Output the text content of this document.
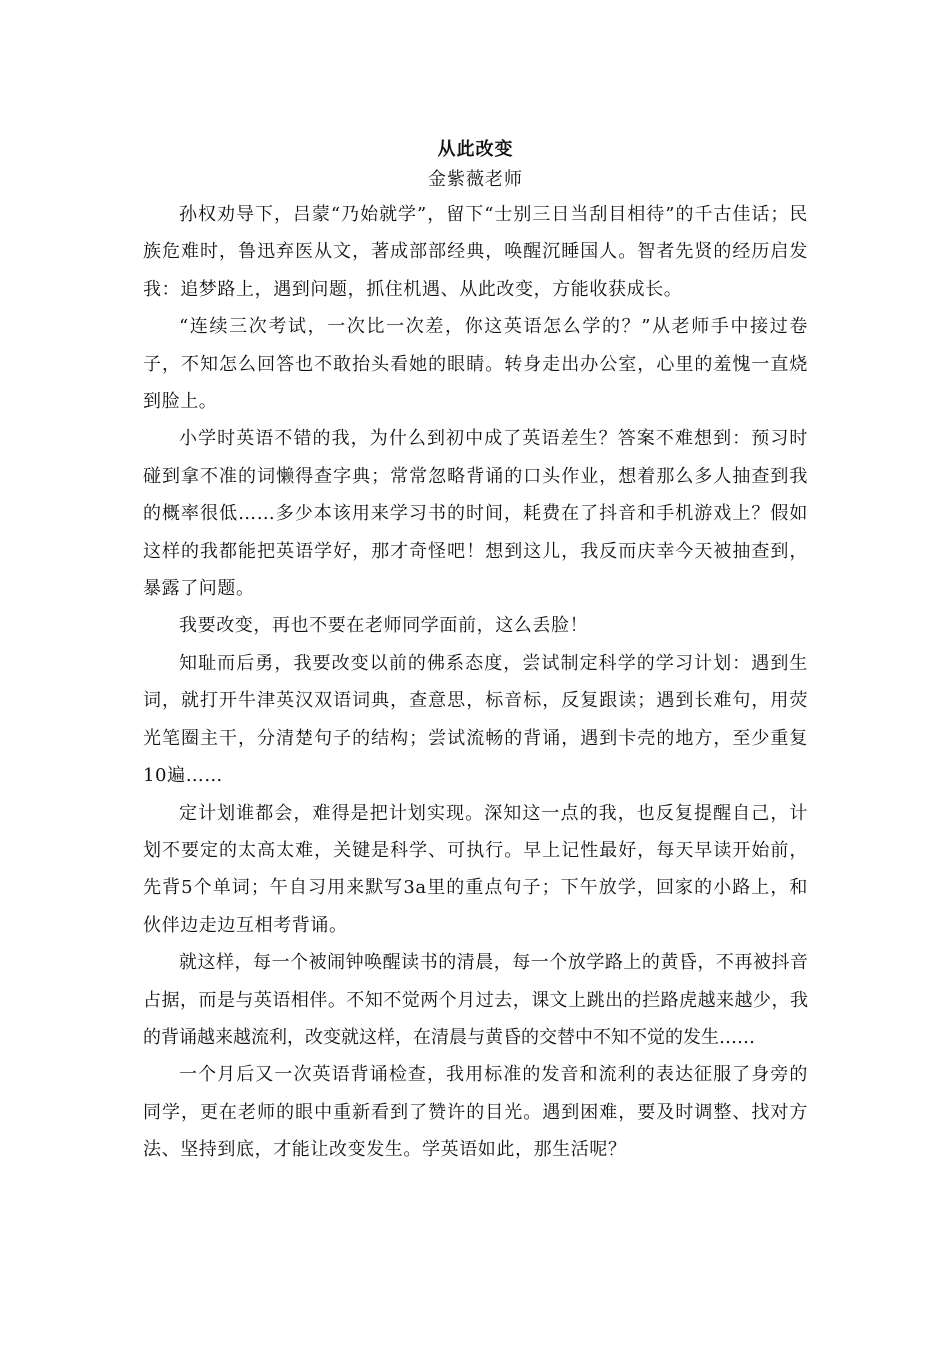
从此改变

金紫薇老师

孙权劝导下，吕蒙“乃始就学”，留下“士别三日当刮目相待”的千古佳话；民族危难时，鲁迅弃医从文，著成部部经典，唤醒沉睡国人。智者先贤的经历启发我：追梦路上，遇到问题，抓住机遇、从此改变，方能收获成长。

“连续三次考试，一次比一次差，你这英语怎么学的？”从老师手中接过卷子，不知怎么回答也不敢抬头看她的眼睛。转身走出办公室，心里的羞愧一直烧到脸上。

小学时英语不错的我，为什么到初中成了英语差生？答案不难想到：预习时碰到拿不准的词懒得查字典；常常忽略背诵的口头作业，想着那么多人抽查到我的概率很低……多少本该用来学习书的时间，耗费在了抖音和手机游戏上？假如这样的我都能把英语学好，那才奇怪吧！想到这儿，我反而庆幸今天被抽查到，暴露了问题。

我要改变，再也不要在老师同学面前，这么丢脸！

知耻而后勇，我要改变以前的佛系态度，尝试制定科学的学习计划：遇到生词，就打开牛津英汉双语词典，查意思，标音标，反复跟读；遇到长难句，用荧光笔圈主干，分清楚句子的结构；尝试流畅的背诵，遇到卡壳的地方，至少重复10遍……

定计划谁都会，难得是把计划实现。深知这一点的我，也反复提醒自己，计划不要定的太高太难，关键是科学、可执行。早上记性最好，每天早读开始前，先背5个单词；午自习用来默写3a里的重点句子；下午放学，回家的小路上，和伙伴边走边互相考背诵。

就这样，每一个被闹钟唤醒读书的清晨，每一个放学路上的黄昏，不再被抖音占据，而是与英语相伴。不知不觉两个月过去，课文上跳出的拦路虎越来越少，我的背诵越来越流利，改变就这样，在清晨与黄昏的交替中不知不觉的发生……

一个月后又一次英语背诵检查，我用标准的发音和流利的表达征服了身旁的同学，更在老师的眼中重新看到了赞许的目光。遇到困难，要及时调整、找对方法、坚持到底，才能让改变发生。学英语如此，那生活呢？
